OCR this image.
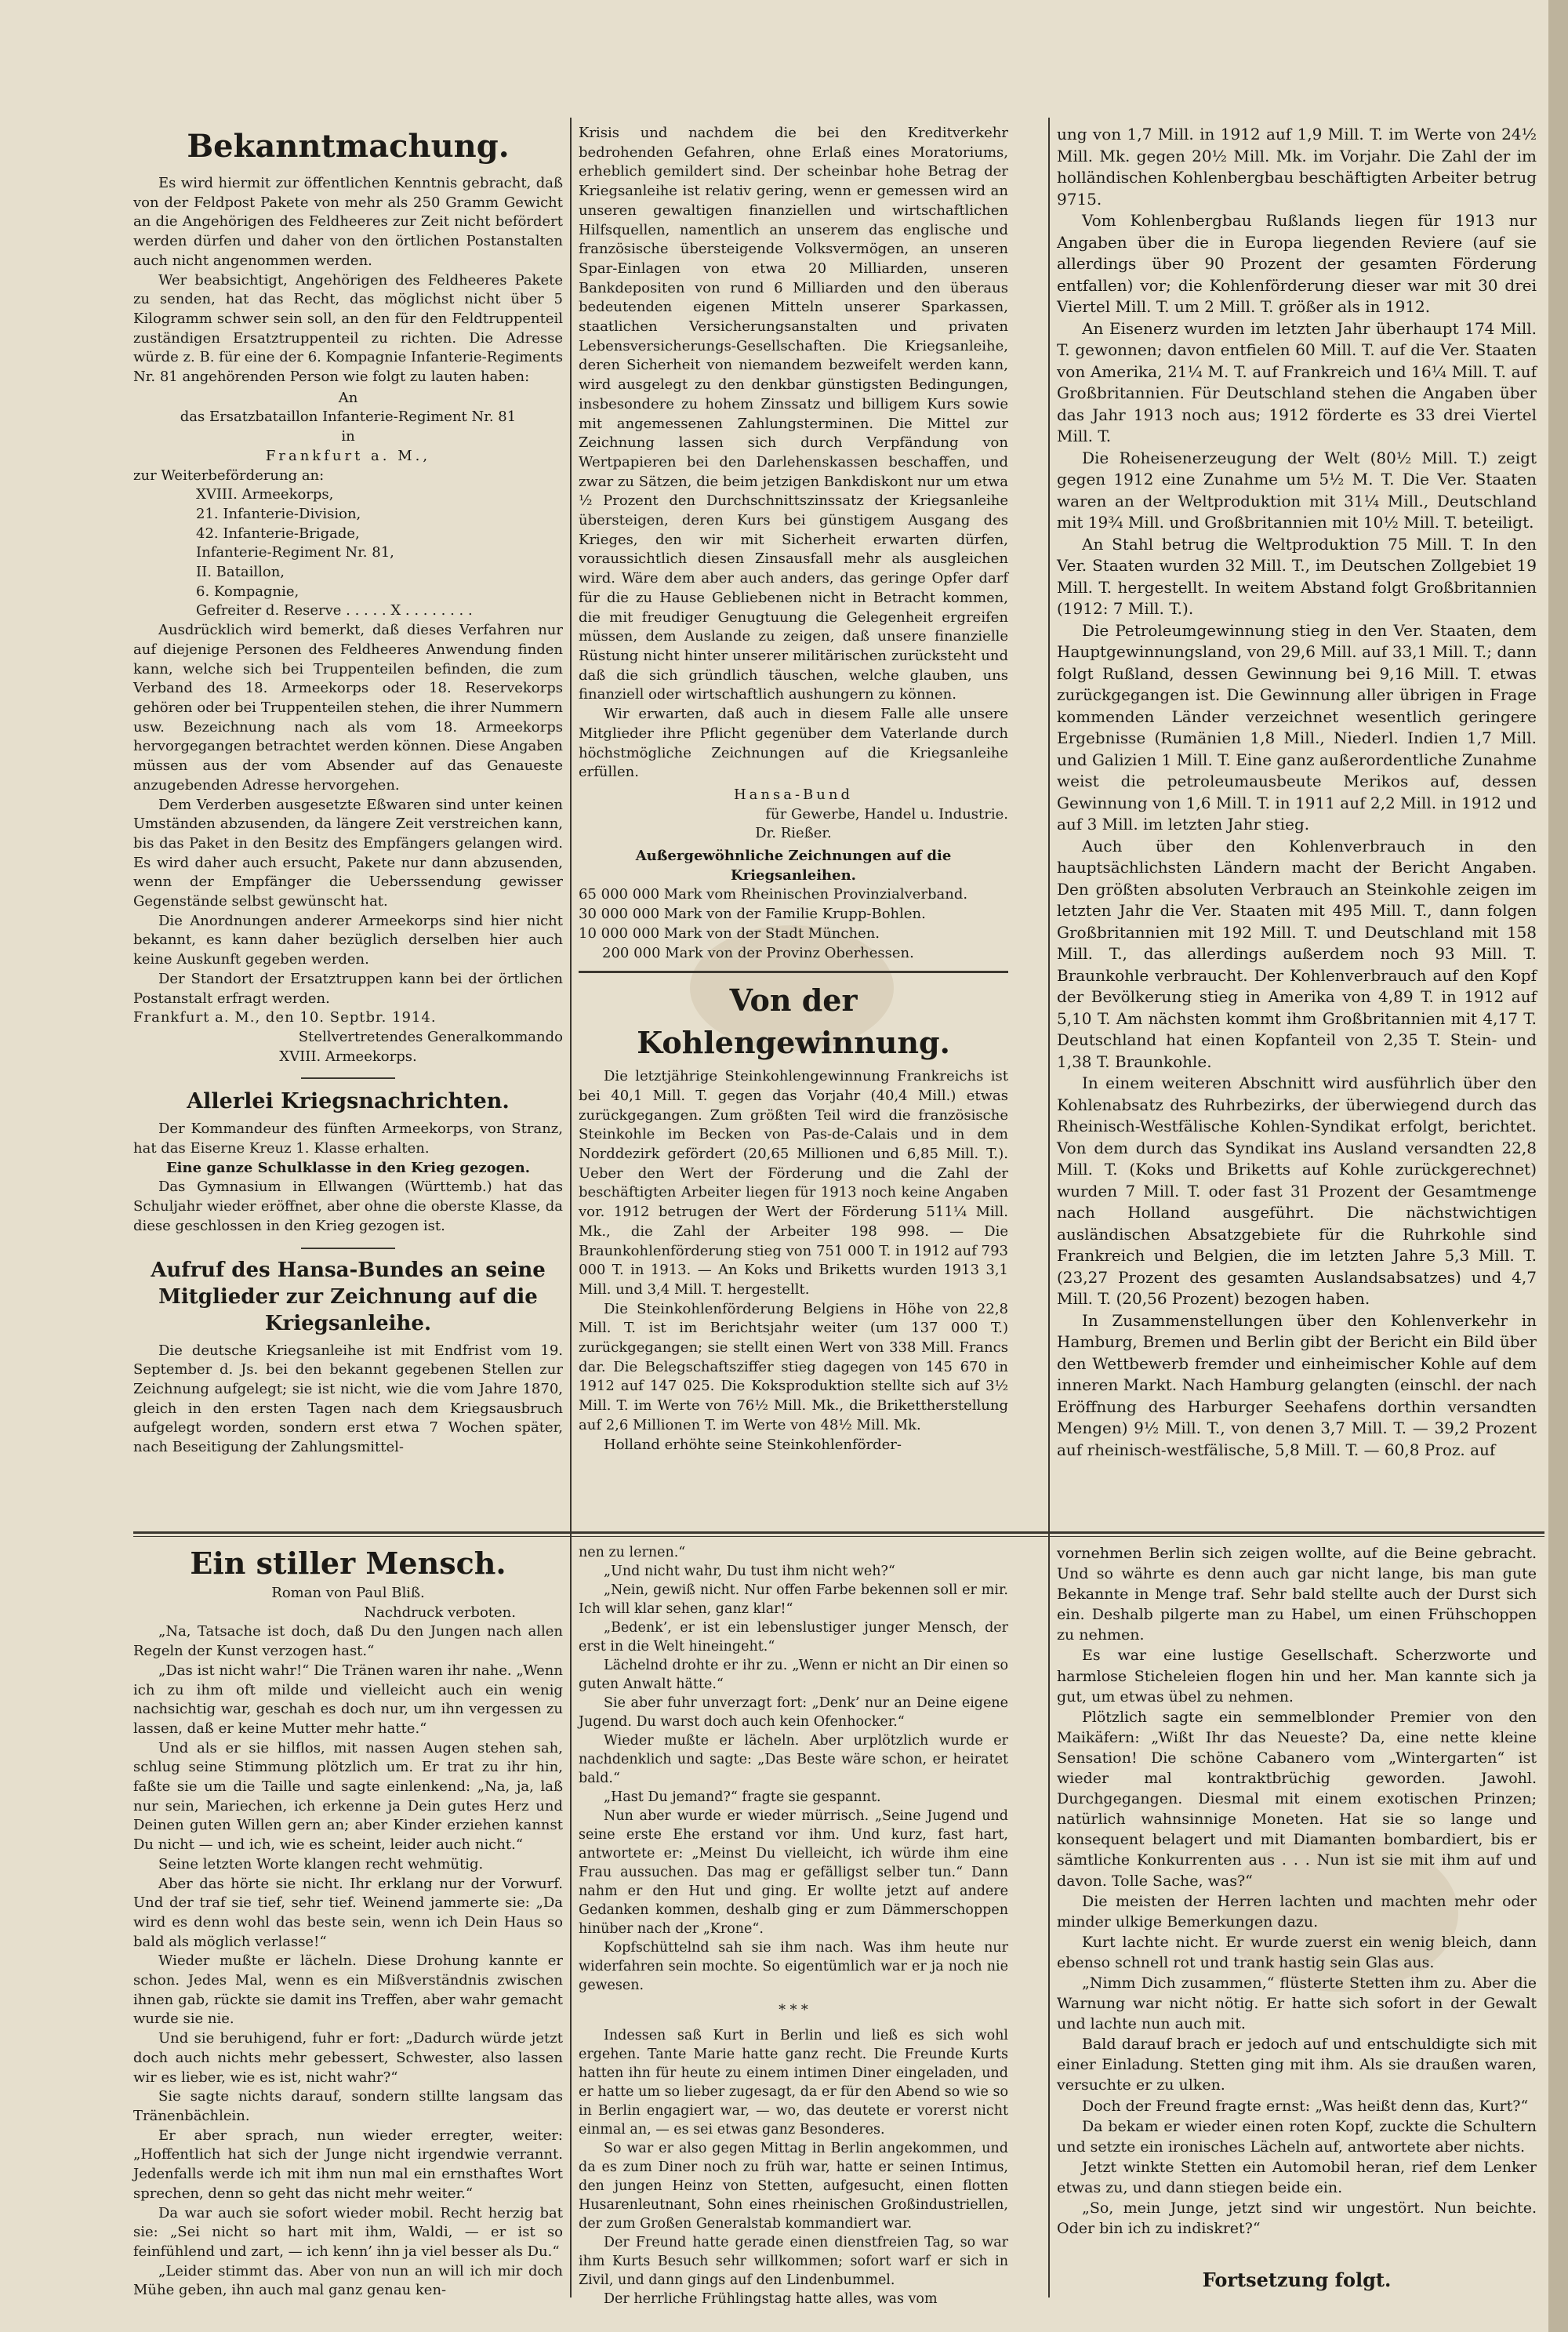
Bekanntmachung.

Es wird hiermit zur öffentlichen Kenntnis gebracht, daß von der Feldpost Pakete von mehr als 250 Gramm Gewicht an die Angehörigen des Feldheeres zur Zeit nicht befördert werden dürfen und daher von den örtlichen Postanstalten auch nicht angenommen werden.

Wer beabsichtigt, Angehörigen des Feldheeres Pakete zu senden, hat das Recht, das möglichst nicht über 5 Kilogramm schwer sein soll, an den für den Feldtruppenteil zuständigen Ersatztruppenteil zu richten. Die Adresse würde z. B. für eine der 6. Kompagnie Infanterie-Regiments Nr. 81 angehörenden Person wie folgt zu lauten haben:

An
das Ersatzbataillon Infanterie-Regiment Nr. 81
in
Frankfurt a. M.,
zur Weiterbeförderung an:
XVIII. Armeekorps,
21. Infanterie-Division,
42. Infanterie-Brigade,
Infanterie-Regiment Nr. 81,
II. Bataillon,
6. Kompagnie,
Gefreiter d. Reserve . . . . . X . . . . . . . .

Ausdrücklich wird bemerkt, daß dieses Verfahren nur auf diejenige Personen des Feldheeres Anwendung finden kann, welche sich bei Truppenteilen befinden, die zum Verband des 18. Armeekorps oder 18. Reservekorps gehören oder bei Truppenteilen stehen, die ihrer Nummern usw. Bezeichnung nach als vom 18. Armeekorps hervorgegangen betrachtet werden können. Diese Angaben müssen aus der vom Absender auf das Genaueste anzugebenden Adresse hervorgehen.

Dem Verderben ausgesetzte Eßwaren sind unter keinen Umständen abzusenden, da längere Zeit verstreichen kann, bis das Paket in den Besitz des Empfängers gelangen wird. Es wird daher auch ersucht, Pakete nur dann abzusenden, wenn der Empfänger die Ueberssendung gewisser Gegenstände selbst gewünscht hat.

Die Anordnungen anderer Armeekorps sind hier nicht bekannt, es kann daher bezüglich derselben hier auch keine Auskunft gegeben werden.

Der Standort der Ersatztruppen kann bei der örtlichen Postanstalt erfragt werden.

Frankfurt a. M., den 10. Septbr. 1914.
Stellvertretendes Generalkommando
XVIII. Armeekorps.
Allerlei Kriegsnachrichten.

Der Kommandeur des fünften Armeekorps, von Stranz, hat das Eiserne Kreuz 1. Klasse erhalten.

Eine ganze Schulklasse in den Krieg gezogen.

Das Gymnasium in Ellwangen (Württemb.) hat das Schuljahr wieder eröffnet, aber ohne die oberste Klasse, da diese geschlossen in den Krieg gezogen ist.

Aufruf des Hansa-Bundes an seine Mitglieder zur Zeichnung auf die Kriegsanleihe.

Die deutsche Kriegsanleihe ist mit Endfrist vom 19. September d. Js. bei den bekannt gegebenen Stellen zur Zeichnung aufgelegt; sie ist nicht, wie die vom Jahre 1870, gleich in den ersten Tagen nach dem Kriegsausbruch aufgelegt worden, sondern erst etwa 7 Wochen später, nach Beseitigung der Zahlungsmittel-

Krisis und nachdem die bei den Kreditverkehr bedrohenden Gefahren, ohne Erlaß eines Moratoriums, erheblich gemildert sind. Der scheinbar hohe Betrag der Kriegsanleihe ist relativ gering, wenn er gemessen wird an unseren gewaltigen finanziellen und wirtschaftlichen Hilfsquellen, namentlich an unserem das englische und französische übersteigende Volksvermögen, an unseren Spar-Einlagen von etwa 20 Milliarden, unseren Bankdepositen von rund 6 Milliarden und den überaus bedeutenden eigenen Mitteln unserer Sparkassen, staatlichen Versicherungsanstalten und privaten Lebensversicherungs-Gesellschaften. Die Kriegsanleihe, deren Sicherheit von niemandem bezweifelt werden kann, wird ausgelegt zu den denkbar günstigsten Bedingungen, insbesondere zu hohem Zinssatz und billigem Kurs sowie mit angemessenen Zahlungsterminen. Die Mittel zur Zeichnung lassen sich durch Verpfändung von Wertpapieren bei den Darlehenskassen beschaffen, und zwar zu Sätzen, die beim jetzigen Bankdiskont nur um etwa ½ Prozent den Durchschnittszinssatz der Kriegsanleihe übersteigen, deren Kurs bei günstigem Ausgang des Krieges, den wir mit Sicherheit erwarten dürfen, voraussichtlich diesen Zinsausfall mehr als ausgleichen wird. Wäre dem aber auch anders, das geringe Opfer darf für die zu Hause Gebliebenen nicht in Betracht kommen, die mit freudiger Genugtuung die Gelegenheit ergreifen müssen, dem Auslande zu zeigen, daß unsere finanzielle Rüstung nicht hinter unserer militärischen zurücksteht und daß die sich gründlich täuschen, welche glauben, uns finanziell oder wirtschaftlich aushungern zu können.

Wir erwarten, daß auch in diesem Falle alle unsere Mitglieder ihre Pflicht gegenüber dem Vaterlande durch höchstmögliche Zeichnungen auf die Kriegsanleihe erfüllen.

Hansa-Bund
für Gewerbe, Handel u. Industrie.
Dr. Rießer.
Außergewöhnliche Zeichnungen auf die Kriegsanleihen.
65 000 000 Mark vom Rheinischen Provinzialverband.
30 000 000 Mark von der Familie Krupp-Bohlen.
10 000 000 Mark von der Stadt München.
200 000 Mark von der Provinz Oberhessen.
Von der Kohlengewinnung.

Die letztjährige Steinkohlengewinnung Frankreichs ist bei 40,1 Mill. T. gegen das Vorjahr (40,4 Mill.) etwas zurückgegangen. Zum größten Teil wird die französische Steinkohle im Becken von Pas-de-Calais und in dem Norddezirk gefördert (20,65 Millionen und 6,85 Mill. T.). Ueber den Wert der Förderung und die Zahl der beschäftigten Arbeiter liegen für 1913 noch keine Angaben vor. 1912 betrugen der Wert der Förderung 511¼ Mill. Mk., die Zahl der Arbeiter 198 998. — Die Braunkohlenförderung stieg von 751 000 T. in 1912 auf 793 000 T. in 1913. — An Koks und Briketts wurden 1913 3,1 Mill. und 3,4 Mill. T. hergestellt.

Die Steinkohlenförderung Belgiens in Höhe von 22,8 Mill. T. ist im Berichtsjahr weiter (um 137 000 T.) zurückgegangen; sie stellt einen Wert von 338 Mill. Francs dar. Die Belegschaftsziffer stieg dagegen von 145 670 in 1912 auf 147 025. Die Koksproduktion stellte sich auf 3½ Mill. T. im Werte von 76½ Mill. Mk., die Brikettherstellung auf 2,6 Millionen T. im Werte von 48½ Mill. Mk.

Holland erhöhte seine Steinkohlenförder-

ung von 1,7 Mill. in 1912 auf 1,9 Mill. T. im Werte von 24½ Mill. Mk. gegen 20½ Mill. Mk. im Vorjahr. Die Zahl der im holländischen Kohlenbergbau beschäftigten Arbeiter betrug 9715.

Vom Kohlenbergbau Rußlands liegen für 1913 nur Angaben über die in Europa liegenden Reviere (auf sie allerdings über 90 Prozent der gesamten Förderung entfallen) vor; die Kohlenförderung dieser war mit 30 drei Viertel Mill. T. um 2 Mill. T. größer als in 1912.

An Eisenerz wurden im letzten Jahr überhaupt 174 Mill. T. gewonnen; davon entfielen 60 Mill. T. auf die Ver. Staaten von Amerika, 21¼ M. T. auf Frankreich und 16¼ Mill. T. auf Großbritannien. Für Deutschland stehen die Angaben über das Jahr 1913 noch aus; 1912 förderte es 33 drei Viertel Mill. T.

Die Roheisenerzeugung der Welt (80½ Mill. T.) zeigt gegen 1912 eine Zunahme um 5½ M. T. Die Ver. Staaten waren an der Weltproduktion mit 31¼ Mill., Deutschland mit 19¾ Mill. und Großbritannien mit 10½ Mill. T. beteiligt.

An Stahl betrug die Weltproduktion 75 Mill. T. In den Ver. Staaten wurden 32 Mill. T., im Deutschen Zollgebiet 19 Mill. T. hergestellt. In weitem Abstand folgt Großbritannien (1912: 7 Mill. T.).

Die Petroleumgewinnung stieg in den Ver. Staaten, dem Hauptgewinnungsland, von 29,6 Mill. auf 33,1 Mill. T.; dann folgt Rußland, dessen Gewinnung bei 9,16 Mill. T. etwas zurückgegangen ist. Die Gewinnung aller übrigen in Frage kommenden Länder verzeichnet wesentlich geringere Ergebnisse (Rumänien 1,8 Mill., Niederl. Indien 1,7 Mill. und Galizien 1 Mill. T. Eine ganz außerordentliche Zunahme weist die petroleumausbeute Merikos auf, dessen Gewinnung von 1,6 Mill. T. in 1911 auf 2,2 Mill. in 1912 und auf 3 Mill. im letzten Jahr stieg.

Auch über den Kohlenverbrauch in den hauptsächlichsten Ländern macht der Bericht Angaben. Den größten absoluten Verbrauch an Steinkohle zeigen im letzten Jahr die Ver. Staaten mit 495 Mill. T., dann folgen Großbritannien mit 192 Mill. T. und Deutschland mit 158 Mill. T., das allerdings außerdem noch 93 Mill. T. Braunkohle verbraucht. Der Kohlenverbrauch auf den Kopf der Bevölkerung stieg in Amerika von 4,89 T. in 1912 auf 5,10 T. Am nächsten kommt ihm Großbritannien mit 4,17 T. Deutschland hat einen Kopfanteil von 2,35 T. Stein- und 1,38 T. Braunkohle.

In einem weiteren Abschnitt wird ausführlich über den Kohlenabsatz des Ruhrbezirks, der überwiegend durch das Rheinisch-Westfälische Kohlen-Syndikat erfolgt, berichtet. Von dem durch das Syndikat ins Ausland versandten 22,8 Mill. T. (Koks und Briketts auf Kohle zurückgerechnet) wurden 7 Mill. T. oder fast 31 Prozent der Gesamtmenge nach Holland ausgeführt. Die nächstwichtigen ausländischen Absatzgebiete für die Ruhrkohle sind Frankreich und Belgien, die im letzten Jahre 5,3 Mill. T. (23,27 Prozent des gesamten Auslandsabsatzes) und 4,7 Mill. T. (20,56 Prozent) bezogen haben.

In Zusammenstellungen über den Kohlenverkehr in Hamburg, Bremen und Berlin gibt der Bericht ein Bild über den Wettbewerb fremder und einheimischer Kohle auf dem inneren Markt. Nach Hamburg gelangten (einschl. der nach Eröffnung des Harburger Seehafens dorthin versandten Mengen) 9½ Mill. T., von denen 3,7 Mill. T. — 39,2 Prozent auf rheinisch-westfälische, 5,8 Mill. T. — 60,8 Proz. auf

Ein stiller Mensch.
Roman von Paul Bliß.
Nachdruck verboten.

„Na, Tatsache ist doch, daß Du den Jungen nach allen Regeln der Kunst verzogen hast.“

„Das ist nicht wahr!“ Die Tränen waren ihr nahe. „Wenn ich zu ihm oft milde und vielleicht auch ein wenig nachsichtig war, geschah es doch nur, um ihn vergessen zu lassen, daß er keine Mutter mehr hatte.“

Und als er sie hilflos, mit nassen Augen stehen sah, schlug seine Stimmung plötzlich um. Er trat zu ihr hin, faßte sie um die Taille und sagte einlenkend: „Na, ja, laß nur sein, Mariechen, ich erkenne ja Dein gutes Herz und Deinen guten Willen gern an; aber Kinder erziehen kannst Du nicht — und ich, wie es scheint, leider auch nicht.“

Seine letzten Worte klangen recht wehmütig.

Aber das hörte sie nicht. Ihr erklang nur der Vorwurf. Und der traf sie tief, sehr tief. Weinend jammerte sie: „Da wird es denn wohl das beste sein, wenn ich Dein Haus so bald als möglich verlasse!“

Wieder mußte er lächeln. Diese Drohung kannte er schon. Jedes Mal, wenn es ein Mißverständnis zwischen ihnen gab, rückte sie damit ins Treffen, aber wahr gemacht wurde sie nie.

Und sie beruhigend, fuhr er fort: „Dadurch würde jetzt doch auch nichts mehr gebessert, Schwester, also lassen wir es lieber, wie es ist, nicht wahr?“

Sie sagte nichts darauf, sondern stillte langsam das Tränenbächlein.

Er aber sprach, nun wieder erregter, weiter: „Hoffentlich hat sich der Junge nicht irgendwie verrannt. Jedenfalls werde ich mit ihm nun mal ein ernsthaftes Wort sprechen, denn so geht das nicht mehr weiter.“

Da war auch sie sofort wieder mobil. Recht herzig bat sie: „Sei nicht so hart mit ihm, Waldi, — er ist so feinfühlend und zart, — ich kenn’ ihn ja viel besser als Du.“

„Leider stimmt das. Aber von nun an will ich mir doch Mühe geben, ihn auch mal ganz genau ken-

nen zu lernen.“

„Und nicht wahr, Du tust ihm nicht weh?“

„Nein, gewiß nicht. Nur offen Farbe bekennen soll er mir. Ich will klar sehen, ganz klar!“

„Bedenk’, er ist ein lebenslustiger junger Mensch, der erst in die Welt hineingeht.“

Lächelnd drohte er ihr zu. „Wenn er nicht an Dir einen so guten Anwalt hätte.“

Sie aber fuhr unverzagt fort: „Denk’ nur an Deine eigene Jugend. Du warst doch auch kein Ofenhocker.“

Wieder mußte er lächeln. Aber urplötzlich wurde er nachdenklich und sagte: „Das Beste wäre schon, er heiratet bald.“

„Hast Du jemand?“ fragte sie gespannt.

Nun aber wurde er wieder mürrisch. „Seine Jugend und seine erste Ehe erstand vor ihm. Und kurz, fast hart, antwortete er: „Meinst Du vielleicht, ich würde ihm eine Frau aussuchen. Das mag er gefälligst selber tun.“ Dann nahm er den Hut und ging. Er wollte jetzt auf andere Gedanken kommen, deshalb ging er zum Dämmerschoppen hinüber nach der „Krone“.

Kopfschüttelnd sah sie ihm nach. Was ihm heute nur widerfahren sein mochte. So eigentümlich war er ja noch nie gewesen.

* * *

Indessen saß Kurt in Berlin und ließ es sich wohl ergehen. Tante Marie hatte ganz recht. Die Freunde Kurts hatten ihn für heute zu einem intimen Diner eingeladen, und er hatte um so lieber zugesagt, da er für den Abend so wie so in Berlin engagiert war, — wo, das deutete er vorerst nicht einmal an, — es sei etwas ganz Besonderes.

So war er also gegen Mittag in Berlin angekommen, und da es zum Diner noch zu früh war, hatte er seinen Intimus, den jungen Heinz von Stetten, aufgesucht, einen flotten Husarenleutnant, Sohn eines rheinischen Großindustriellen, der zum Großen Generalstab kommandiert war.

Der Freund hatte gerade einen dienstfreien Tag, so war ihm Kurts Besuch sehr willkommen; sofort warf er sich in Zivil, und dann gings auf den Lindenbummel.

Der herrliche Frühlingstag hatte alles, was vom

vornehmen Berlin sich zeigen wollte, auf die Beine gebracht. Und so währte es denn auch gar nicht lange, bis man gute Bekannte in Menge traf. Sehr bald stellte auch der Durst sich ein. Deshalb pilgerte man zu Habel, um einen Frühschoppen zu nehmen.

Es war eine lustige Gesellschaft. Scherzworte und harmlose Sticheleien flogen hin und her. Man kannte sich ja gut, um etwas übel zu nehmen.

Plötzlich sagte ein semmelblonder Premier von den Maikäfern: „Wißt Ihr das Neueste? Da, eine nette kleine Sensation! Die schöne Cabanero vom „Wintergarten“ ist wieder mal kontraktbrüchig geworden. Jawohl. Durchgegangen. Diesmal mit einem exotischen Prinzen; natürlich wahnsinnige Moneten. Hat sie so lange und konsequent belagert und mit Diamanten bombardiert, bis er sämtliche Konkurrenten aus . . . Nun ist sie mit ihm auf und davon. Tolle Sache, was?“

Die meisten der Herren lachten und machten mehr oder minder ulkige Bemerkungen dazu.

Kurt lachte nicht. Er wurde zuerst ein wenig bleich, dann ebenso schnell rot und trank hastig sein Glas aus.

„Nimm Dich zusammen,“ flüsterte Stetten ihm zu. Aber die Warnung war nicht nötig. Er hatte sich sofort in der Gewalt und lachte nun auch mit.

Bald darauf brach er jedoch auf und entschuldigte sich mit einer Einladung. Stetten ging mit ihm. Als sie draußen waren, versuchte er zu ulken.

Doch der Freund fragte ernst: „Was heißt denn das, Kurt?“

Da bekam er wieder einen roten Kopf, zuckte die Schultern und setzte ein ironisches Lächeln auf, antwortete aber nichts.

Jetzt winkte Stetten ein Automobil heran, rief dem Lenker etwas zu, und dann stiegen beide ein.

„So, mein Junge, jetzt sind wir ungestört. Nun beichte. Oder bin ich zu indiskret?“

Fortsetzung folgt.
